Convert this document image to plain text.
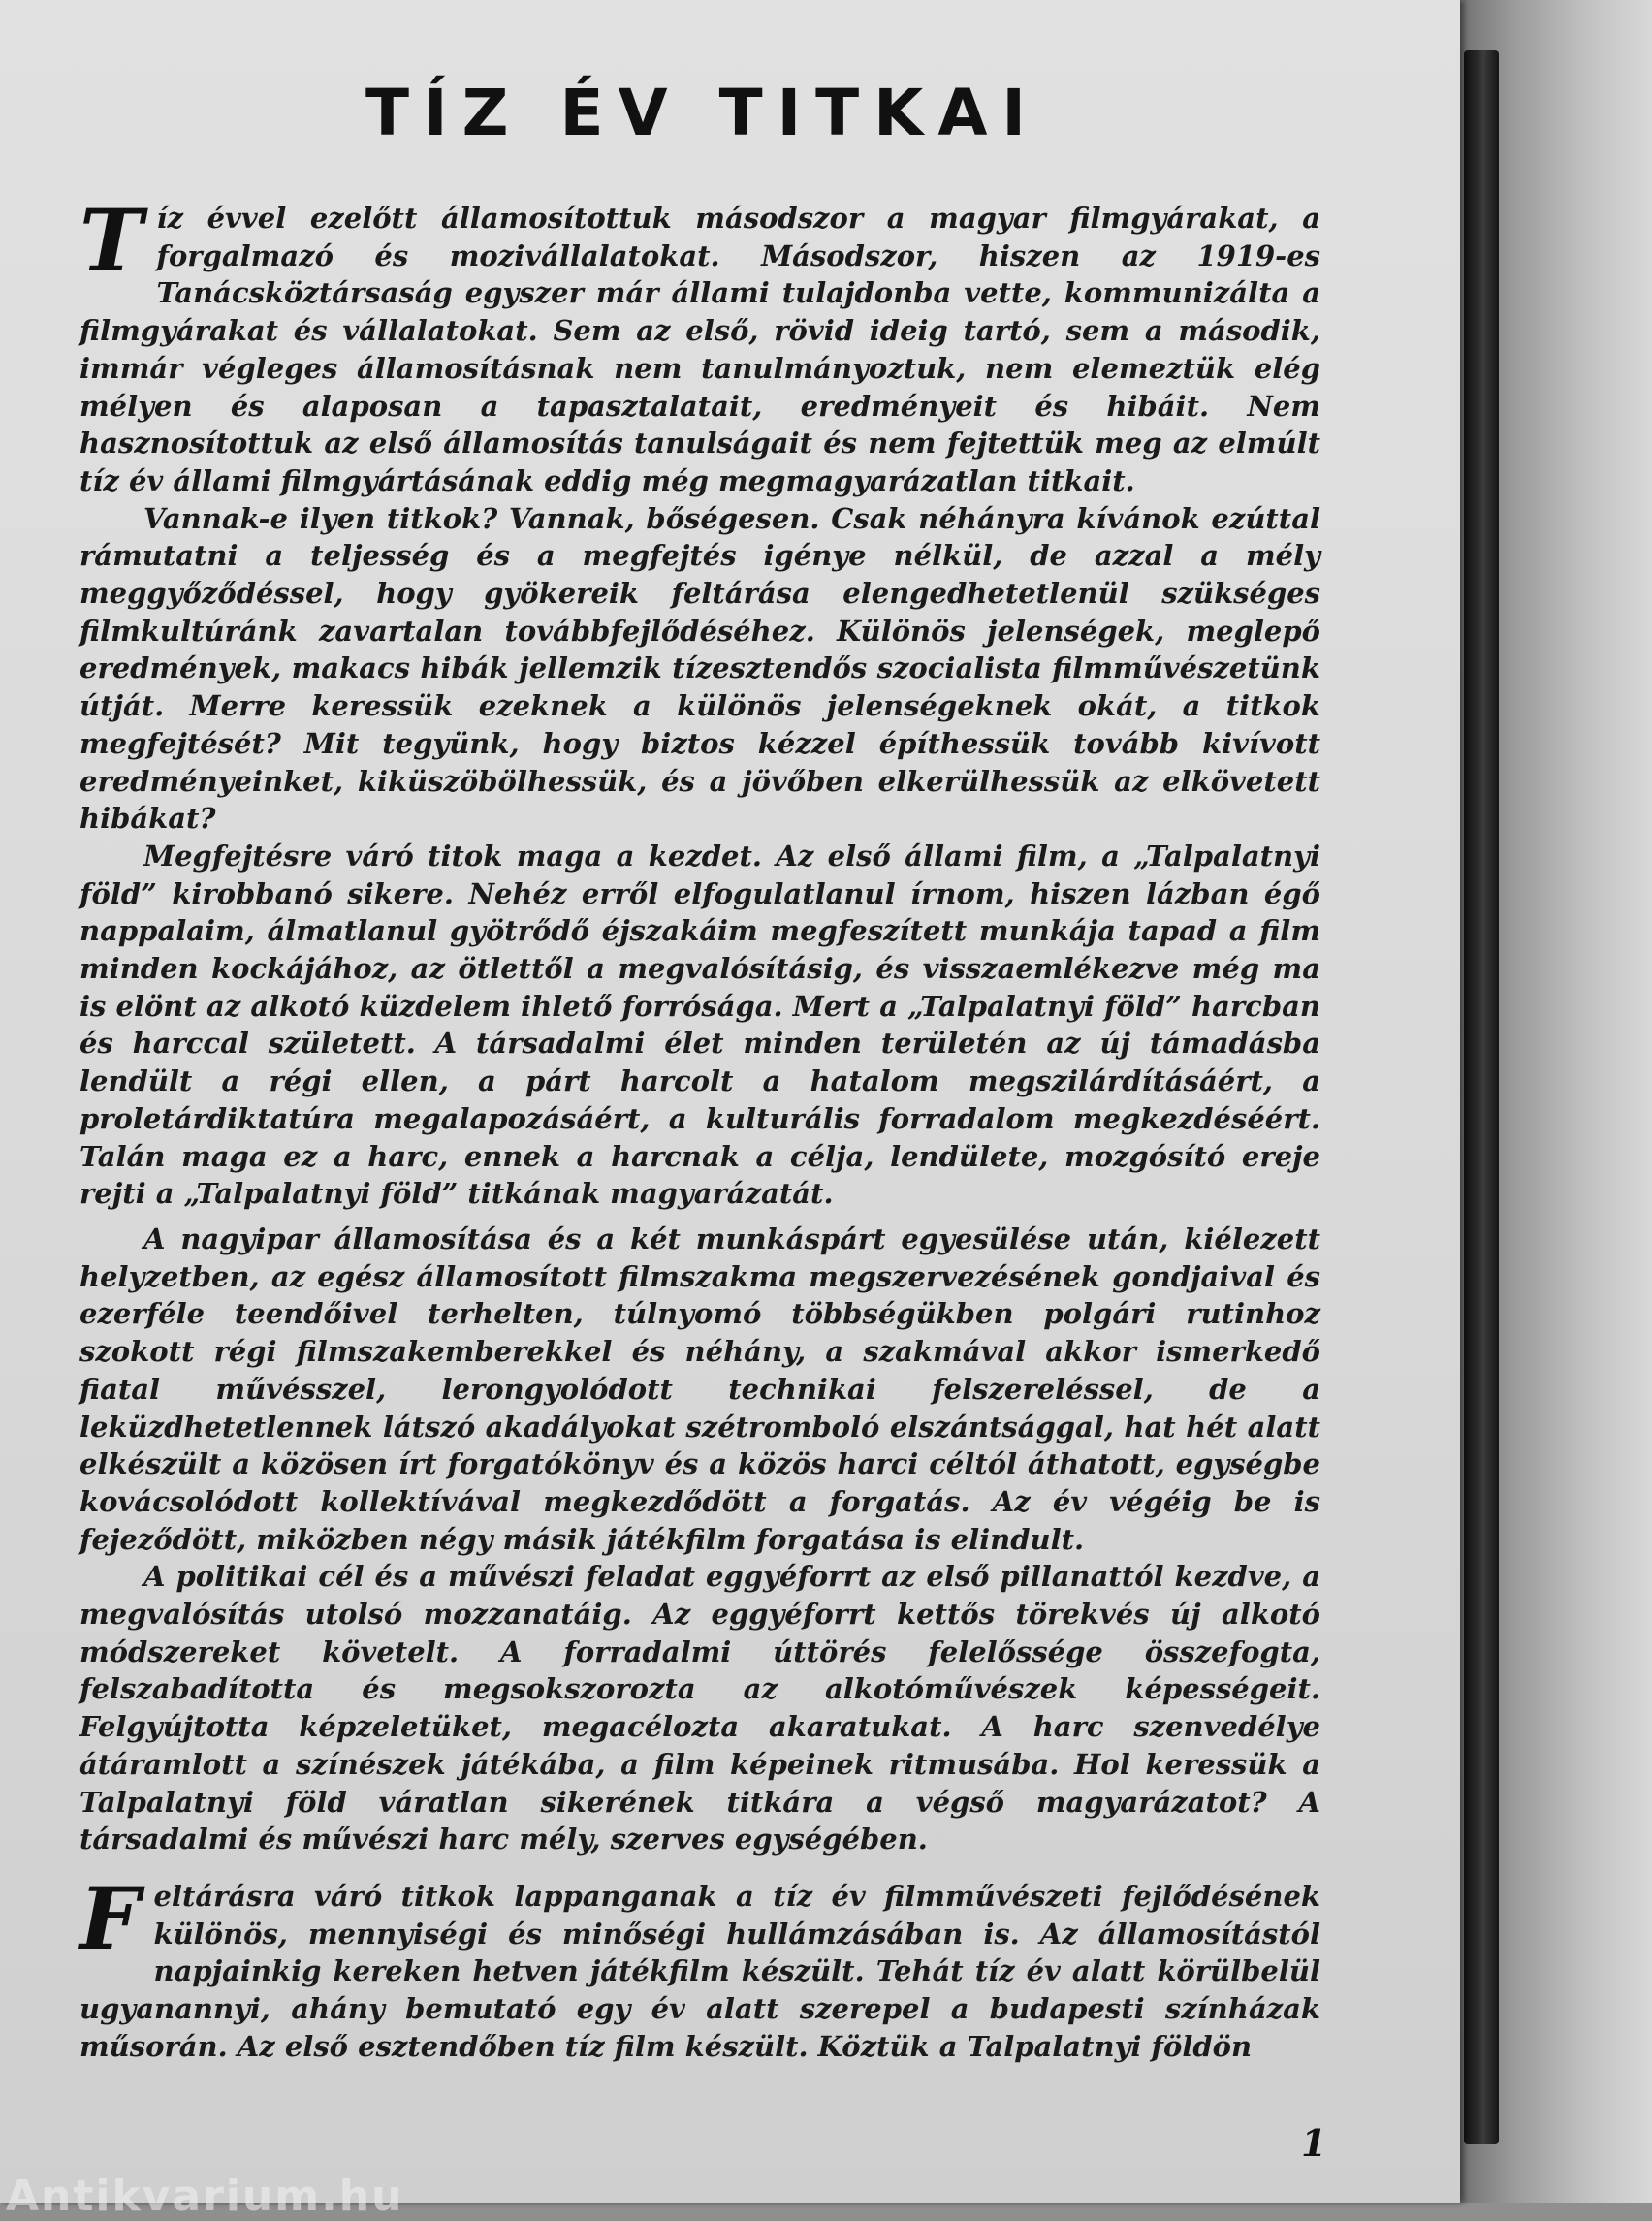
TÍZ ÉV TITKAI

Tíz évvel ezelőtt államosítottuk másodszor a magyar filmgyárakat, a forgalmazó és mozivállalatokat. Másodszor, hiszen az 1919-es Tanácsköztársaság egyszer már állami tulajdonba vette, kommunizálta a filmgyárakat és vállalatokat. Sem az első, rövid ideig tartó, sem a második, immár végleges államosításnak nem tanulmányoztuk, nem elemeztük elég mélyen és alaposan a tapasztalatait, eredményeit és hibáit. Nem hasznosítottuk az első államosítás tanulságait és nem fejtettük meg az elmúlt tíz év állami filmgyártásának eddig még megmagyarázatlan titkait.

Vannak-e ilyen titkok? Vannak, bőségesen. Csak néhányra kívánok ezúttal rámutatni a teljesség és a megfejtés igénye nélkül, de azzal a mély meggyőződéssel, hogy gyökereik feltárása elengedhetetlenül szükséges filmkultúránk zavartalan továbbfejlődéséhez. Különös jelenségek, meglepő eredmények, makacs hibák jellemzik tízesztendős szocialista filmművészetünk útját. Merre keressük ezeknek a különös jelenségeknek okát, a titkok megfejtését? Mit tegyünk, hogy biztos kézzel építhessük tovább kivívott eredményeinket, kiküszöbölhessük, és a jövőben elkerülhessük az elkövetett hibákat?

Megfejtésre váró titok maga a kezdet. Az első állami film, a „Talpalatnyi föld” kirobbanó sikere. Nehéz erről elfogulatlanul írnom, hiszen lázban égő nappalaim, álmatlanul gyötrődő éjszakáim megfeszített munkája tapad a film minden kockájához, az ötlettől a megvalósításig, és visszaemlékezve még ma is elönt az alkotó küzdelem ihlető forrósága. Mert a „Talpalatnyi föld” harcban és harccal született. A társadalmi élet minden területén az új támadásba lendült a régi ellen, a párt harcolt a hatalom megszilárdításáért, a proletárdiktatúra megalapozásáért, a kulturális forradalom megkezdéséért. Talán maga ez a harc, ennek a harcnak a célja, lendülete, mozgósító ereje rejti a „Talpalatnyi föld” titkának magyarázatát.

A nagyipar államosítása és a két munkáspárt egyesülése után, kiélezett helyzetben, az egész államosított filmszakma megszervezésének gondjaival és ezerféle teendőivel terhelten, túlnyomó többségükben polgári rutinhoz szokott régi filmszakemberekkel és néhány, a szakmával akkor ismerkedő fiatal művésszel, lerongyolódott technikai felszereléssel, de a leküzdhetetlennek látszó akadályokat szétromboló elszántsággal, hat hét alatt elkészült a közösen írt forgatókönyv és a közös harci céltól áthatott, egységbe kovácsolódott kollektívával megkezdődött a forgatás. Az év végéig be is fejeződött, miközben négy másik játékfilm forgatása is elindult.

A politikai cél és a művészi feladat eggyéforrt az első pillanattól kezdve, a megvalósítás utolsó mozzanatáig. Az eggyéforrt kettős törekvés új alkotó módszereket követelt. A forradalmi úttörés felelőssége összefogta, felszabadította és megsokszorozta az alkotóművészek képességeit. Felgyújtotta képzeletüket, megacélozta akaratukat. A harc szenvedélye átáramlott a színészek játékába, a film képeinek ritmusába. Hol keressük a Talpalatnyi föld váratlan sikerének titkára a végső magyarázatot? A társadalmi és művészi harc mély, szerves egységében.

Feltárásra váró titkok lappanganak a tíz év filmművészeti fejlődésének különös, mennyiségi és minőségi hullámzásában is. Az államosítástól napjainkig kereken hetven játékfilm készült. Tehát tíz év alatt körülbelül ugyanannyi, ahány bemutató egy év alatt szerepel a budapesti színházak műsorán. Az első esztendőben tíz film készült. Köztük a Talpalatnyi földön

1
Antikvarium.hu
